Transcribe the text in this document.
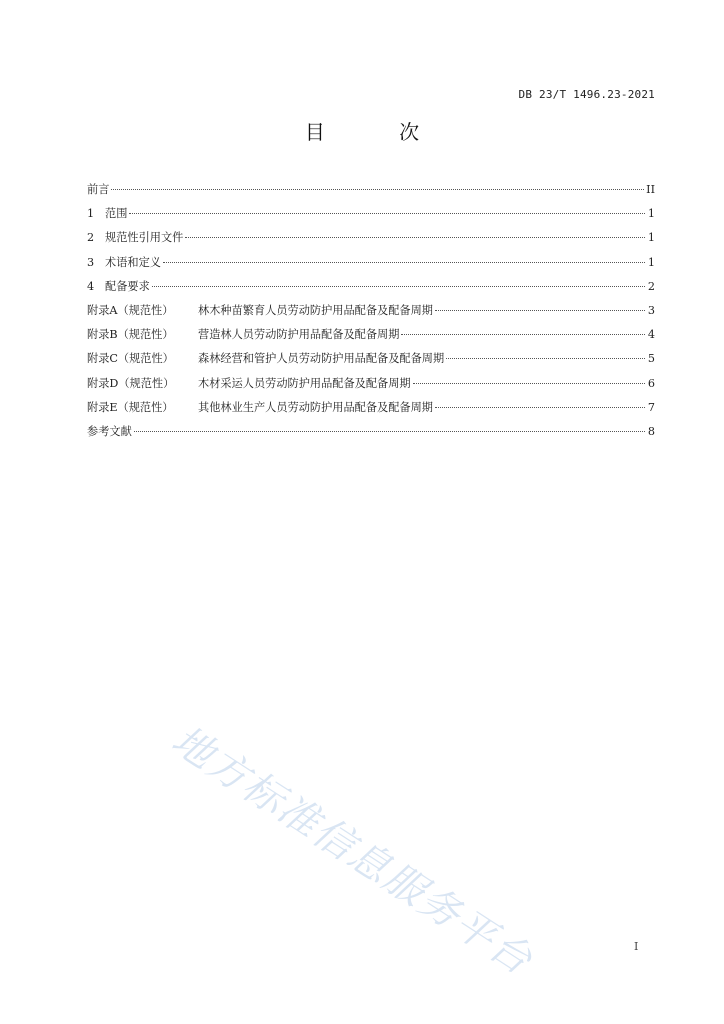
DB 23/T 1496.23-2021
目 次
前言	II
1 范围	1
2 规范性引用文件	1
3 术语和定义	1
4 配备要求	2
附录A（规范性）	林木种苗繁育人员劳动防护用品配备及配备周期	3
附录B（规范性）	营造林人员劳动防护用品配备及配备周期	4
附录C（规范性）	森林经营和管护人员劳动防护用品配备及配备周期	5
附录D（规范性）	木材采运人员劳动防护用品配备及配备周期	6
附录E（规范性）	其他林业生产人员劳动防护用品配备及配备周期	7
参考文献	8
地方标准信息服务平台	I
